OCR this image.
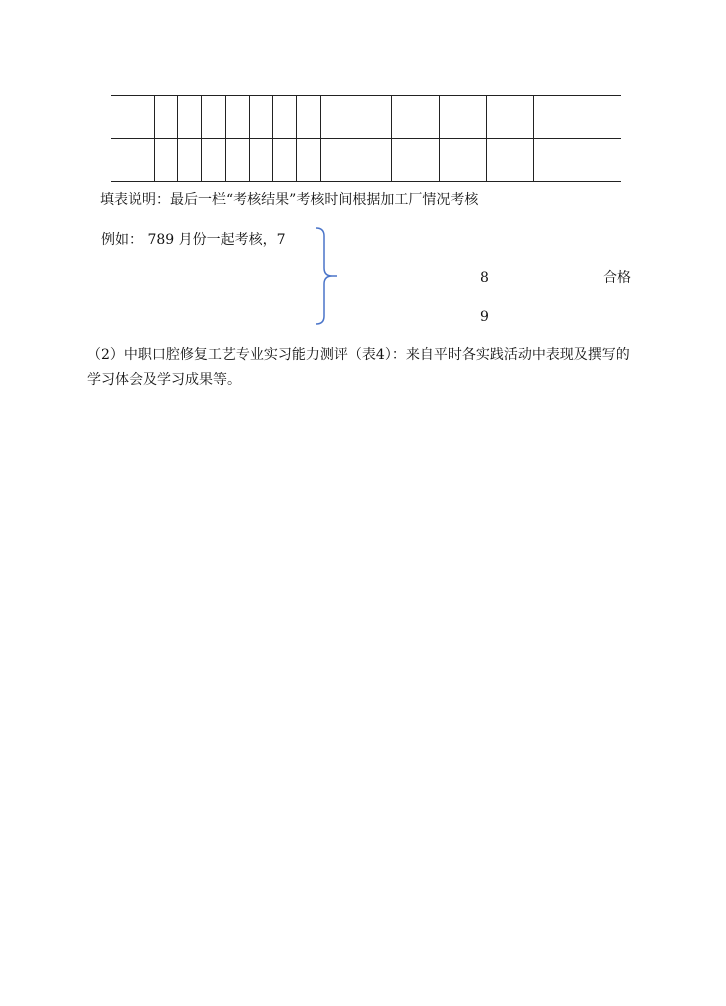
填表说明：最后一栏“考核结果”考核时间根据加工厂情况考核
例如： 789 月份一起考核，7
8
9
合格
（2）中职口腔修复工艺专业实习能力测评（表4）：来自平时各实践活动中表现及撰写的学习体会及学习成果等。
